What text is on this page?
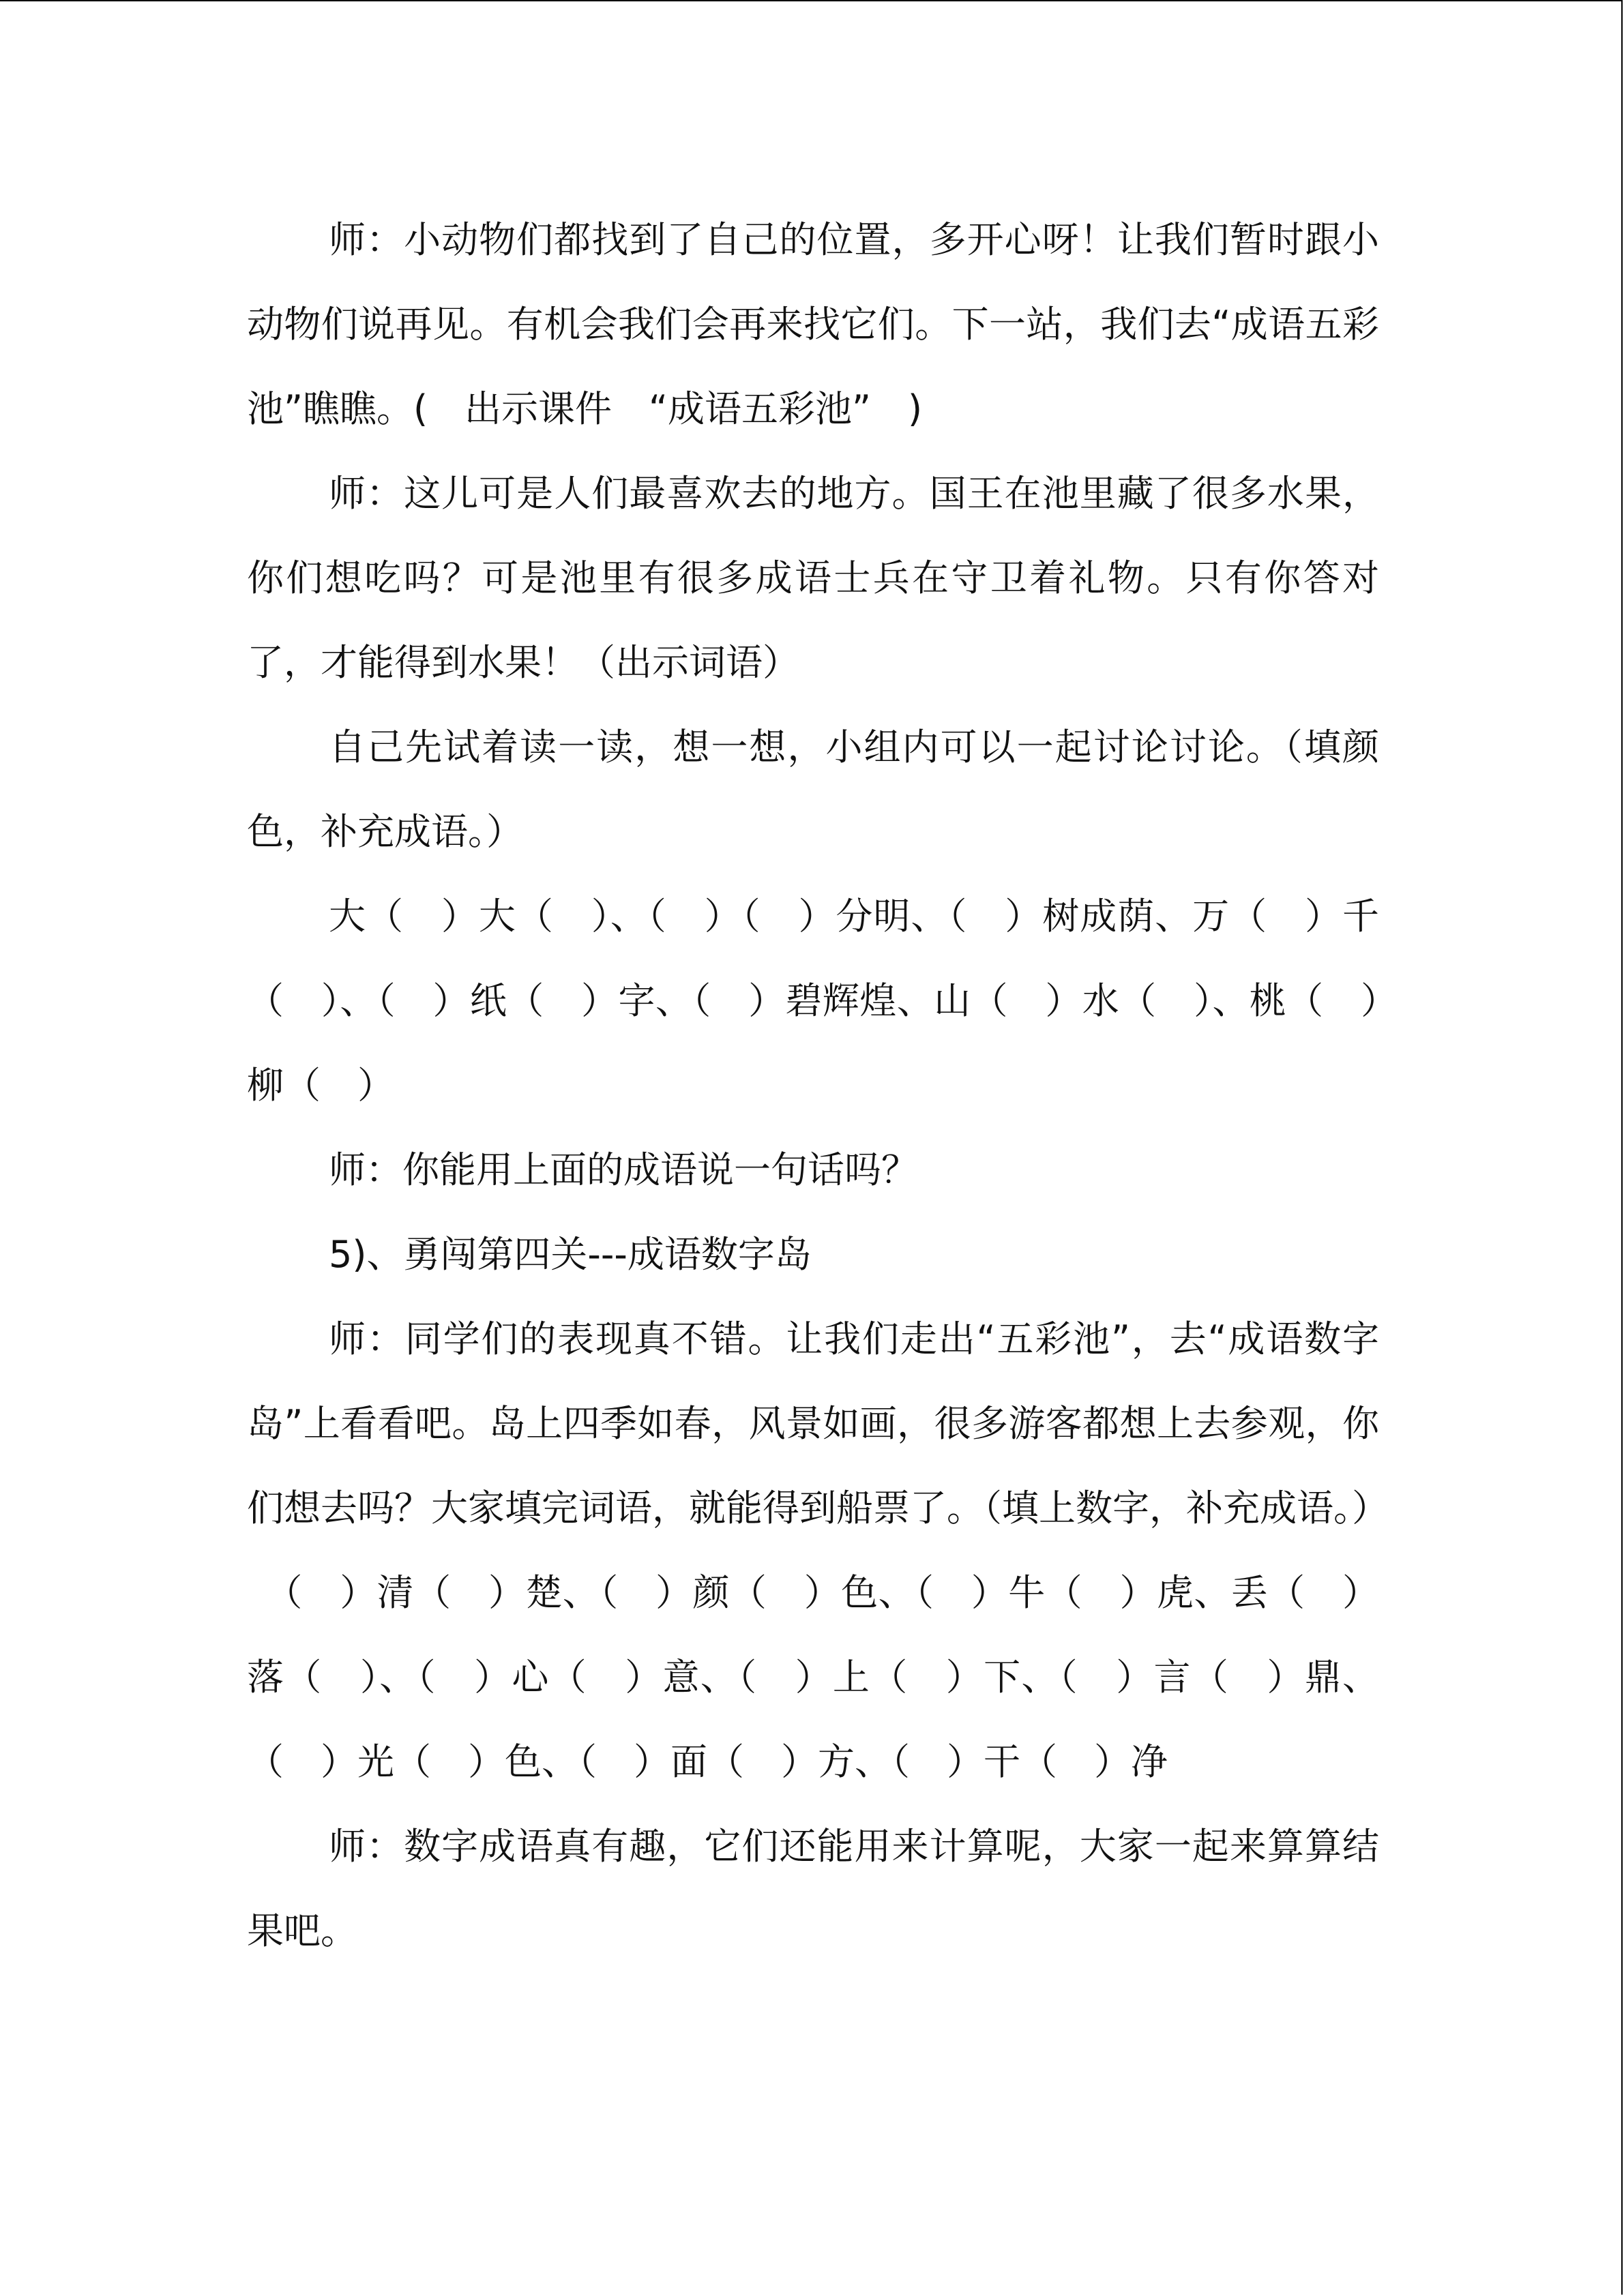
师：小动物们都找到了自己的位置，多开心呀！让我们暂时跟小动物们说再见。有机会我们会再来找它们。下一站，我们去“成语五彩池”瞧瞧。(　出示课件　“成语五彩池”　)

师：这儿可是人们最喜欢去的地方。国王在池里藏了很多水果，你们想吃吗？可是池里有很多成语士兵在守卫着礼物。只有你答对了，才能得到水果！（出示词语）

自己先试着读一读，想一想，小组内可以一起讨论讨论。（填颜色，补充成语。）

大（　）大（　）、（　）（　）分明、（　）树成荫、万（　）千（　）、（　）纸（　）字、（　）碧辉煌、山（　）水（　）、桃（　）柳（　）

师：你能用上面的成语说一句话吗？

5)、勇闯第四关---成语数字岛

师：同学们的表现真不错。让我们走出“五彩池”，去“成语数字岛”上看看吧。岛上四季如春，风景如画，很多游客都想上去参观，你们想去吗？大家填完词语，就能得到船票了。（填上数字，补充成语。）

　（　）清（　）楚、（　）颜（　）色、（　）牛（　）虎、丢（　）落（　）、（　）心（　）意、（　）上（　）下、（　）言（　）鼎、（　）光（　）色、（　）面（　）方、（　）干（　）净

师：数字成语真有趣，它们还能用来计算呢，大家一起来算算结果吧。
